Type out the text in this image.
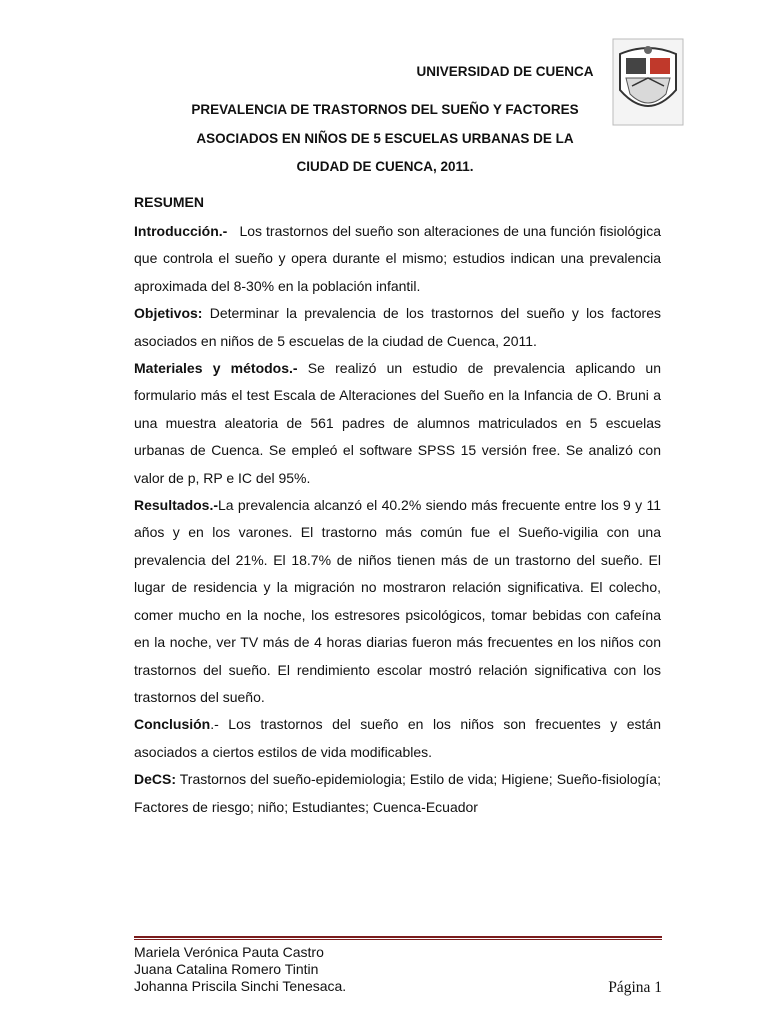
UNIVERSIDAD DE CUENCA
PREVALENCIA DE TRASTORNOS DEL SUEÑO Y FACTORES
ASOCIADOS EN NIÑOS DE 5 ESCUELAS URBANAS DE LA
CIUDAD DE CUENCA, 2011.
RESUMEN

Introducción.- Los trastornos del sueño son alteraciones de una función fisiológica que controla el sueño y opera durante el mismo; estudios indican una prevalencia aproximada del 8-30% en la población infantil.

Objetivos: Determinar la prevalencia de los trastornos del sueño y los factores asociados en niños de 5 escuelas de la ciudad de Cuenca, 2011.

Materiales y métodos.- Se realizó un estudio de prevalencia aplicando un formulario más el test Escala de Alteraciones del Sueño en la Infancia de O. Bruni a una muestra aleatoria de 561 padres de alumnos matriculados en 5 escuelas urbanas de Cuenca. Se empleó el software SPSS 15 versión free. Se analizó con valor de p, RP e IC del 95%.

Resultados.-La prevalencia alcanzó el 40.2% siendo más frecuente entre los 9 y 11 años y en los varones. El trastorno más común fue el Sueño-vigilia con una prevalencia del 21%. El 18.7% de niños tienen más de un trastorno del sueño. El lugar de residencia y la migración no mostraron relación significativa. El colecho, comer mucho en la noche, los estresores psicológicos, tomar bebidas con cafeína en la noche, ver TV más de 4 horas diarias fueron más frecuentes en los niños con trastornos del sueño. El rendimiento escolar mostró relación significativa con los trastornos del sueño.

Conclusión.- Los trastornos del sueño en los niños son frecuentes y están asociados a ciertos estilos de vida modificables.

DeCS: Trastornos del sueño-epidemiologia; Estilo de vida; Higiene; Sueño-fisiología; Factores de riesgo; niño; Estudiantes; Cuenca-Ecuador

Mariela Verónica Pauta Castro
Juana Catalina Romero Tintin
Johanna Priscila Sinchi Tenesaca.	Página 1
